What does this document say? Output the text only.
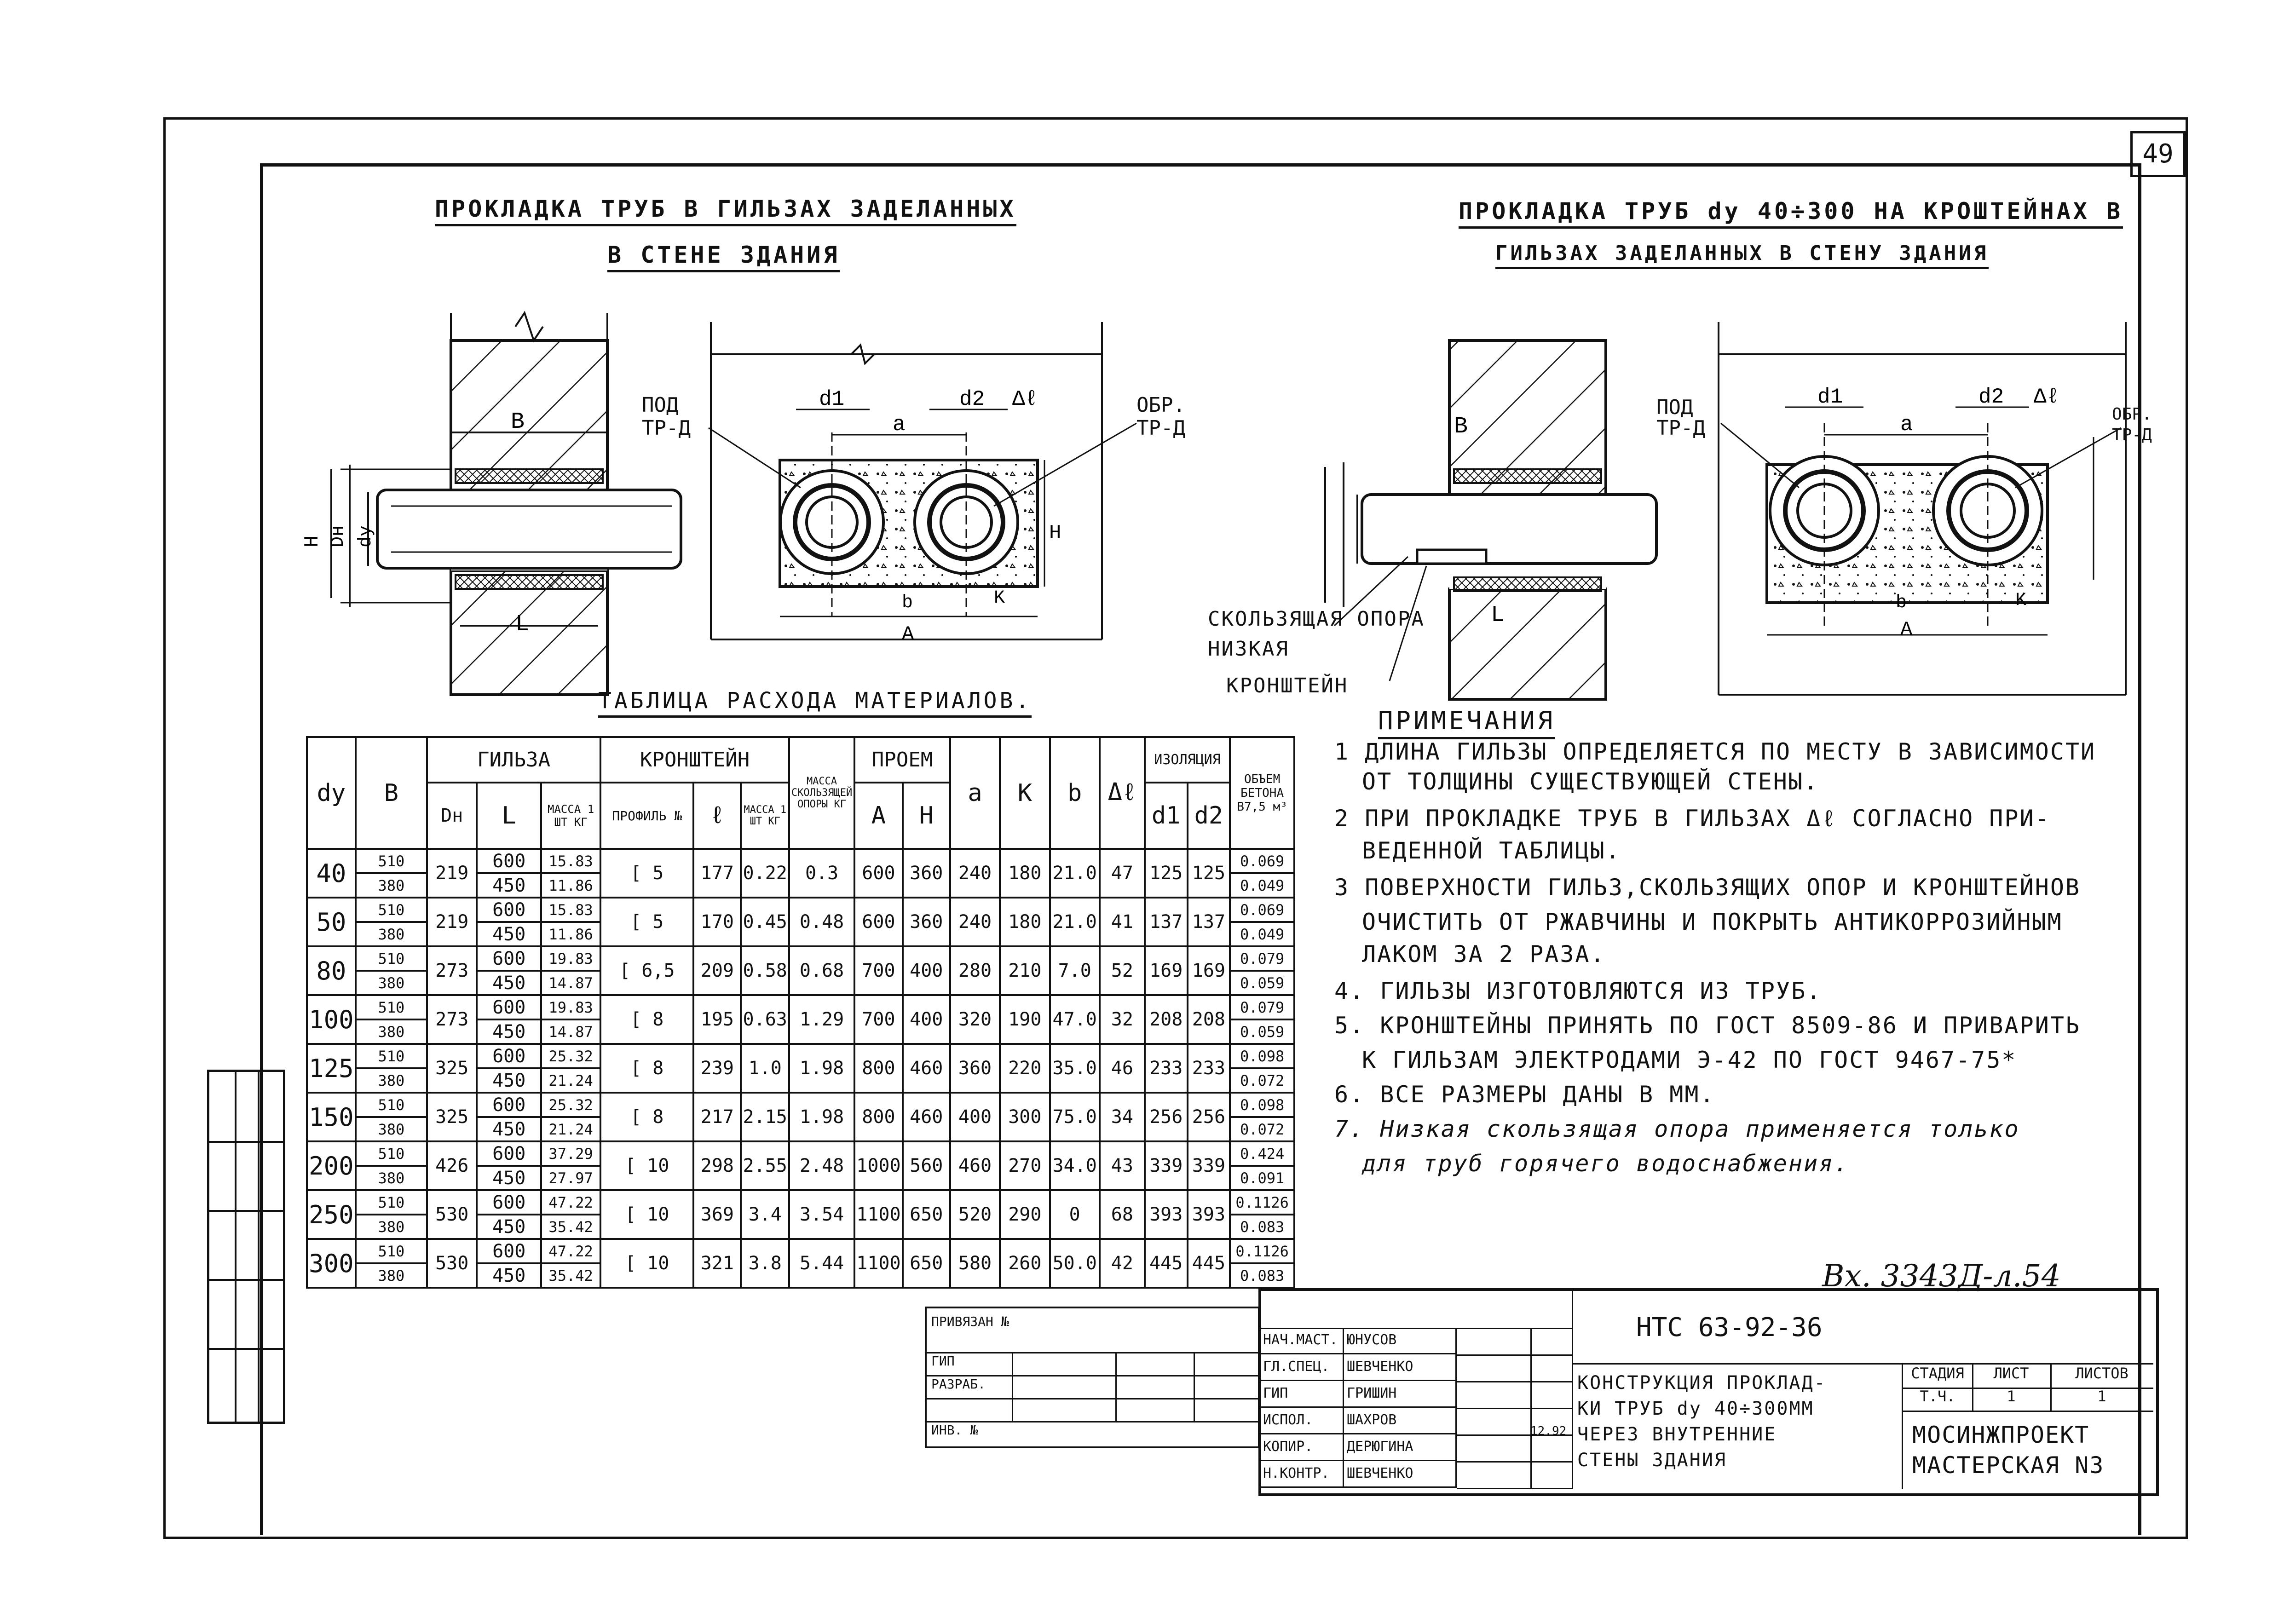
49
ПРОКЛАДКА ТРУБ В ГИЛЬЗАХ ЗАДЕЛАННЫХ
В СТЕНЕ ЗДАНИЯ
ПРОКЛАДКА ТРУБ dу 40÷300 НА КРОШТЕЙНАХ В
ГИЛЬЗАХ ЗАДЕЛАННЫХ В СТЕНУ ЗДАНИЯ
B
L
H Dн dу
d1
a
d2 Δℓ
b	K
A
H
ПОД
ТР-Д
ОБР.
ТР-Д	B
L
СКОЛЬЗЯЩАЯ ОПОРА
НИЗКАЯ
КРОНШТЕЙН
d1
a
d2 Δℓ
b	K
A
ПОД
ТР-Д
ОБР.
ТР-Д
ТАБЛИЦА РАСХОДА МАТЕРИАЛОВ.
dу	B	ГИЛЬЗА			КРОНШТЕЙН			МАССА СКОЛЬЗЯЩЕЙ ОПОРЫ КГ	ПРОЕМ		a	K	b	Δℓ	ИЗОЛЯЦИЯ		ОБЪЕМ БЕТОНА В7,5 м³
		Dн	L	МАССА 1 ШТ КГ	ПРОФИЛЬ №	ℓ	МАССА 1 ШТ КГ		A	H					d1	d2	
40	510	219	600	15.83	[ 5	177	0.22	0.3	600	360	240	180	21.0	47	125	125	0.069
	380		450	11.86													0.049
50	510	219	600	15.83	[ 5	170	0.45	0.48	600	360	240	180	21.0	41	137	137	0.069
	380		450	11.86													0.049
80	510	273	600	19.83	[ 6,5	209	0.58	0.68	700	400	280	210	7.0	52	169	169	0.079
	380		450	14.87													0.059
100	510	273	600	19.83	[ 8	195	0.63	1.29	700	400	320	190	47.0	32	208	208	0.079
	380		450	14.87													0.059
125	510	325	600	25.32	[ 8	239	1.0	1.98	800	460	360	220	35.0	46	233	233	0.098
	380		450	21.24													0.072
150	510	325	600	25.32	[ 8	217	2.15	1.98	800	460	400	300	75.0	34	256	256	0.098
	380		450	21.24													0.072
200	510	426	600	37.29	[ 10	298	2.55	2.48	1000	560	460	270	34.0	43	339	339	0.424
	380		450	27.97													0.091
250	510	530	600	47.22	[ 10	369	3.4	3.54	1100	650	520	290	0	68	393	393	0.1126
	380		450	35.42													0.083
300	510	530	600	47.22	[ 10	321	3.8	5.44	1100	650	580	260	50.0	42	445	445	0.1126
	380		450	35.42													0.083
ПРИМЕЧАНИЯ
1 ДЛИНА ГИЛЬЗЫ ОПРЕДЕЛЯЕТСЯ ПО МЕСТУ В ЗАВИСИМОСТИ
ОТ ТОЛЩИНЫ СУЩЕСТВУЮЩЕЙ СТЕНЫ.
2 ПРИ ПРОКЛАДКЕ ТРУБ В ГИЛЬЗАХ Δℓ СОГЛАСНО ПРИ-
ВЕДЕННОЙ ТАБЛИЦЫ.
3 ПОВЕРХНОСТИ ГИЛЬЗ,СКОЛЬЗЯЩИХ ОПОР И КРОНШТЕЙНОВ
ОЧИСТИТЬ ОТ РЖАВЧИНЫ И ПОКРЫТЬ АНТИКОРРОЗИЙНЫМ
ЛАКОМ ЗА 2 РАЗА.
4. ГИЛЬЗЫ ИЗГОТОВЛЯЮТСЯ ИЗ ТРУБ.
5. КРОНШТЕЙНЫ ПРИНЯТЬ ПО ГОСТ 8509-86 И ПРИВАРИТЬ
К ГИЛЬЗАМ ЭЛЕКТРОДАМИ Э-42 ПО ГОСТ 9467-75*
6. ВСЕ РАЗМЕРЫ ДАНЫ В ММ.
7. Низкая скользящая опора применяется только
для труб горячего водоснабжения.
Вх. 3343Д-л.54
ПРИВЯЗАН №
ГИП
РАЗРАБ.
ИНВ. №
НАЧ.МАСТ. ЮНУСОВ
ГЛ.СПЕЦ.	ШЕВЧЕНКО
ГИП	ГРИШИН
ИСПОЛ.	ШАХРОВ
КОПИР.	ДЕРЮГИНА
Н.КОНТР.	ШЕВЧЕНКО
НТС 63-92-36
КОНСТРУКЦИЯ ПРОКЛАД-
КИ ТРУБ dу 40÷300ММ
ЧЕРЕЗ ВНУТРЕННИЕ
СТЕНЫ ЗДАНИЯ
СТАДИЯ	ЛИСТ	ЛИСТОВ
Т.Ч.	1	1
МОСИНЖПРОЕКТ
МАСТЕРСКАЯ N3
12.92
